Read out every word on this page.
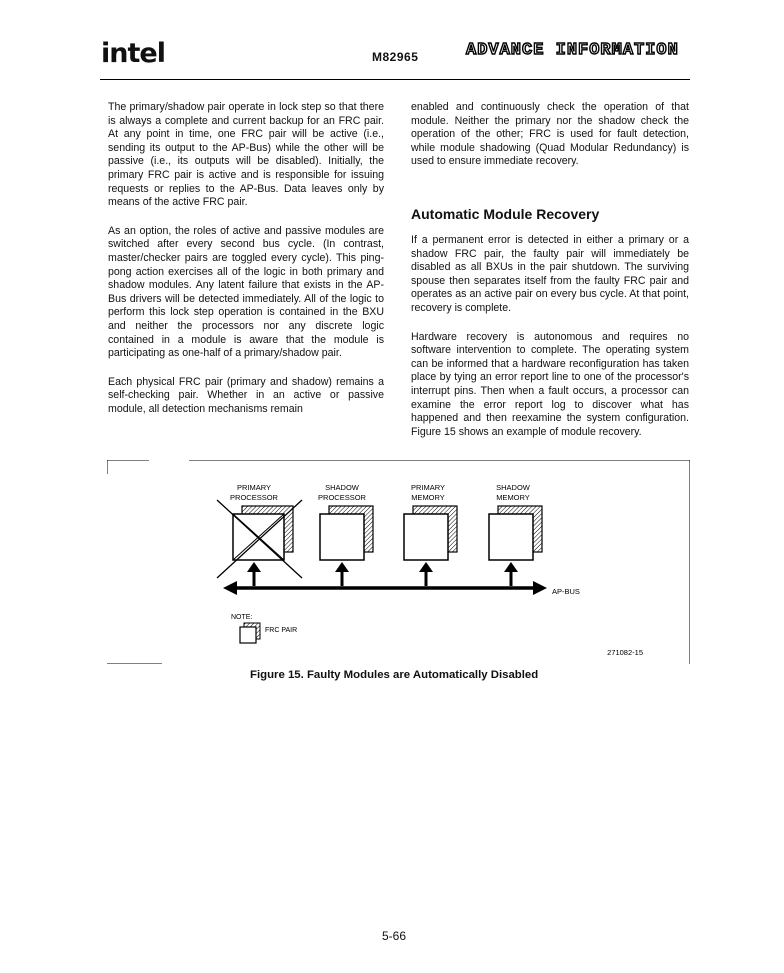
intel	M82965	ADVANCE INFORMATION

The primary/shadow pair operate in lock step so that there is always a complete and current backup for an FRC pair. At any point in time, one FRC pair will be active (i.e., sending its output to the AP-Bus) while the other will be passive (i.e., its outputs will be disabled). Initially, the primary FRC pair is active and is responsible for issuing requests or replies to the AP-Bus. Data leaves only by means of the active FRC pair.

As an option, the roles of active and passive modules are switched after every second bus cycle. (In contrast, master/checker pairs are toggled every cycle). This ping-pong action exercises all of the logic in both primary and shadow modules. Any latent failure that exists in the AP-Bus drivers will be detected immediately. All of the logic to perform this lock step operation is contained in the BXU and neither the processors nor any discrete logic contained in a module is aware that the module is participating as one-half of a primary/shadow pair.

Each physical FRC pair (primary and shadow) remains a self-checking pair. Whether in an active or passive module, all detection mechanisms remain

enabled and continuously check the operation of that module. Neither the primary nor the shadow check the operation of the other; FRC is used for fault detection, while module shadowing (Quad Modular Redundancy) is used to ensure immediate recovery.

Automatic Module Recovery

If a permanent error is detected in either a primary or a shadow FRC pair, the faulty pair will immediately be disabled as all BXUs in the pair shutdown. The surviving spouse then separates itself from the faulty FRC pair and operates as an active pair on every bus cycle. At that point, recovery is complete.

Hardware recovery is autonomous and requires no software intervention to complete. The operating system can be informed that a hardware reconfiguration has taken place by tying an error report line to one of the processor's interrupt pins. Then when a fault occurs, a processor can examine the error report log to discover what has happened and then reexamine the system configuration. Figure 15 shows an example of module recovery.

PRIMARY
PROCESSOR
SHADOW
PROCESSOR
PRIMARY
MEMORY
SHADOW
MEMORY
AP-BUS
NOTE:
FRC PAIR
271082-15
Figure 15. Faulty Modules are Automatically Disabled
5-66
